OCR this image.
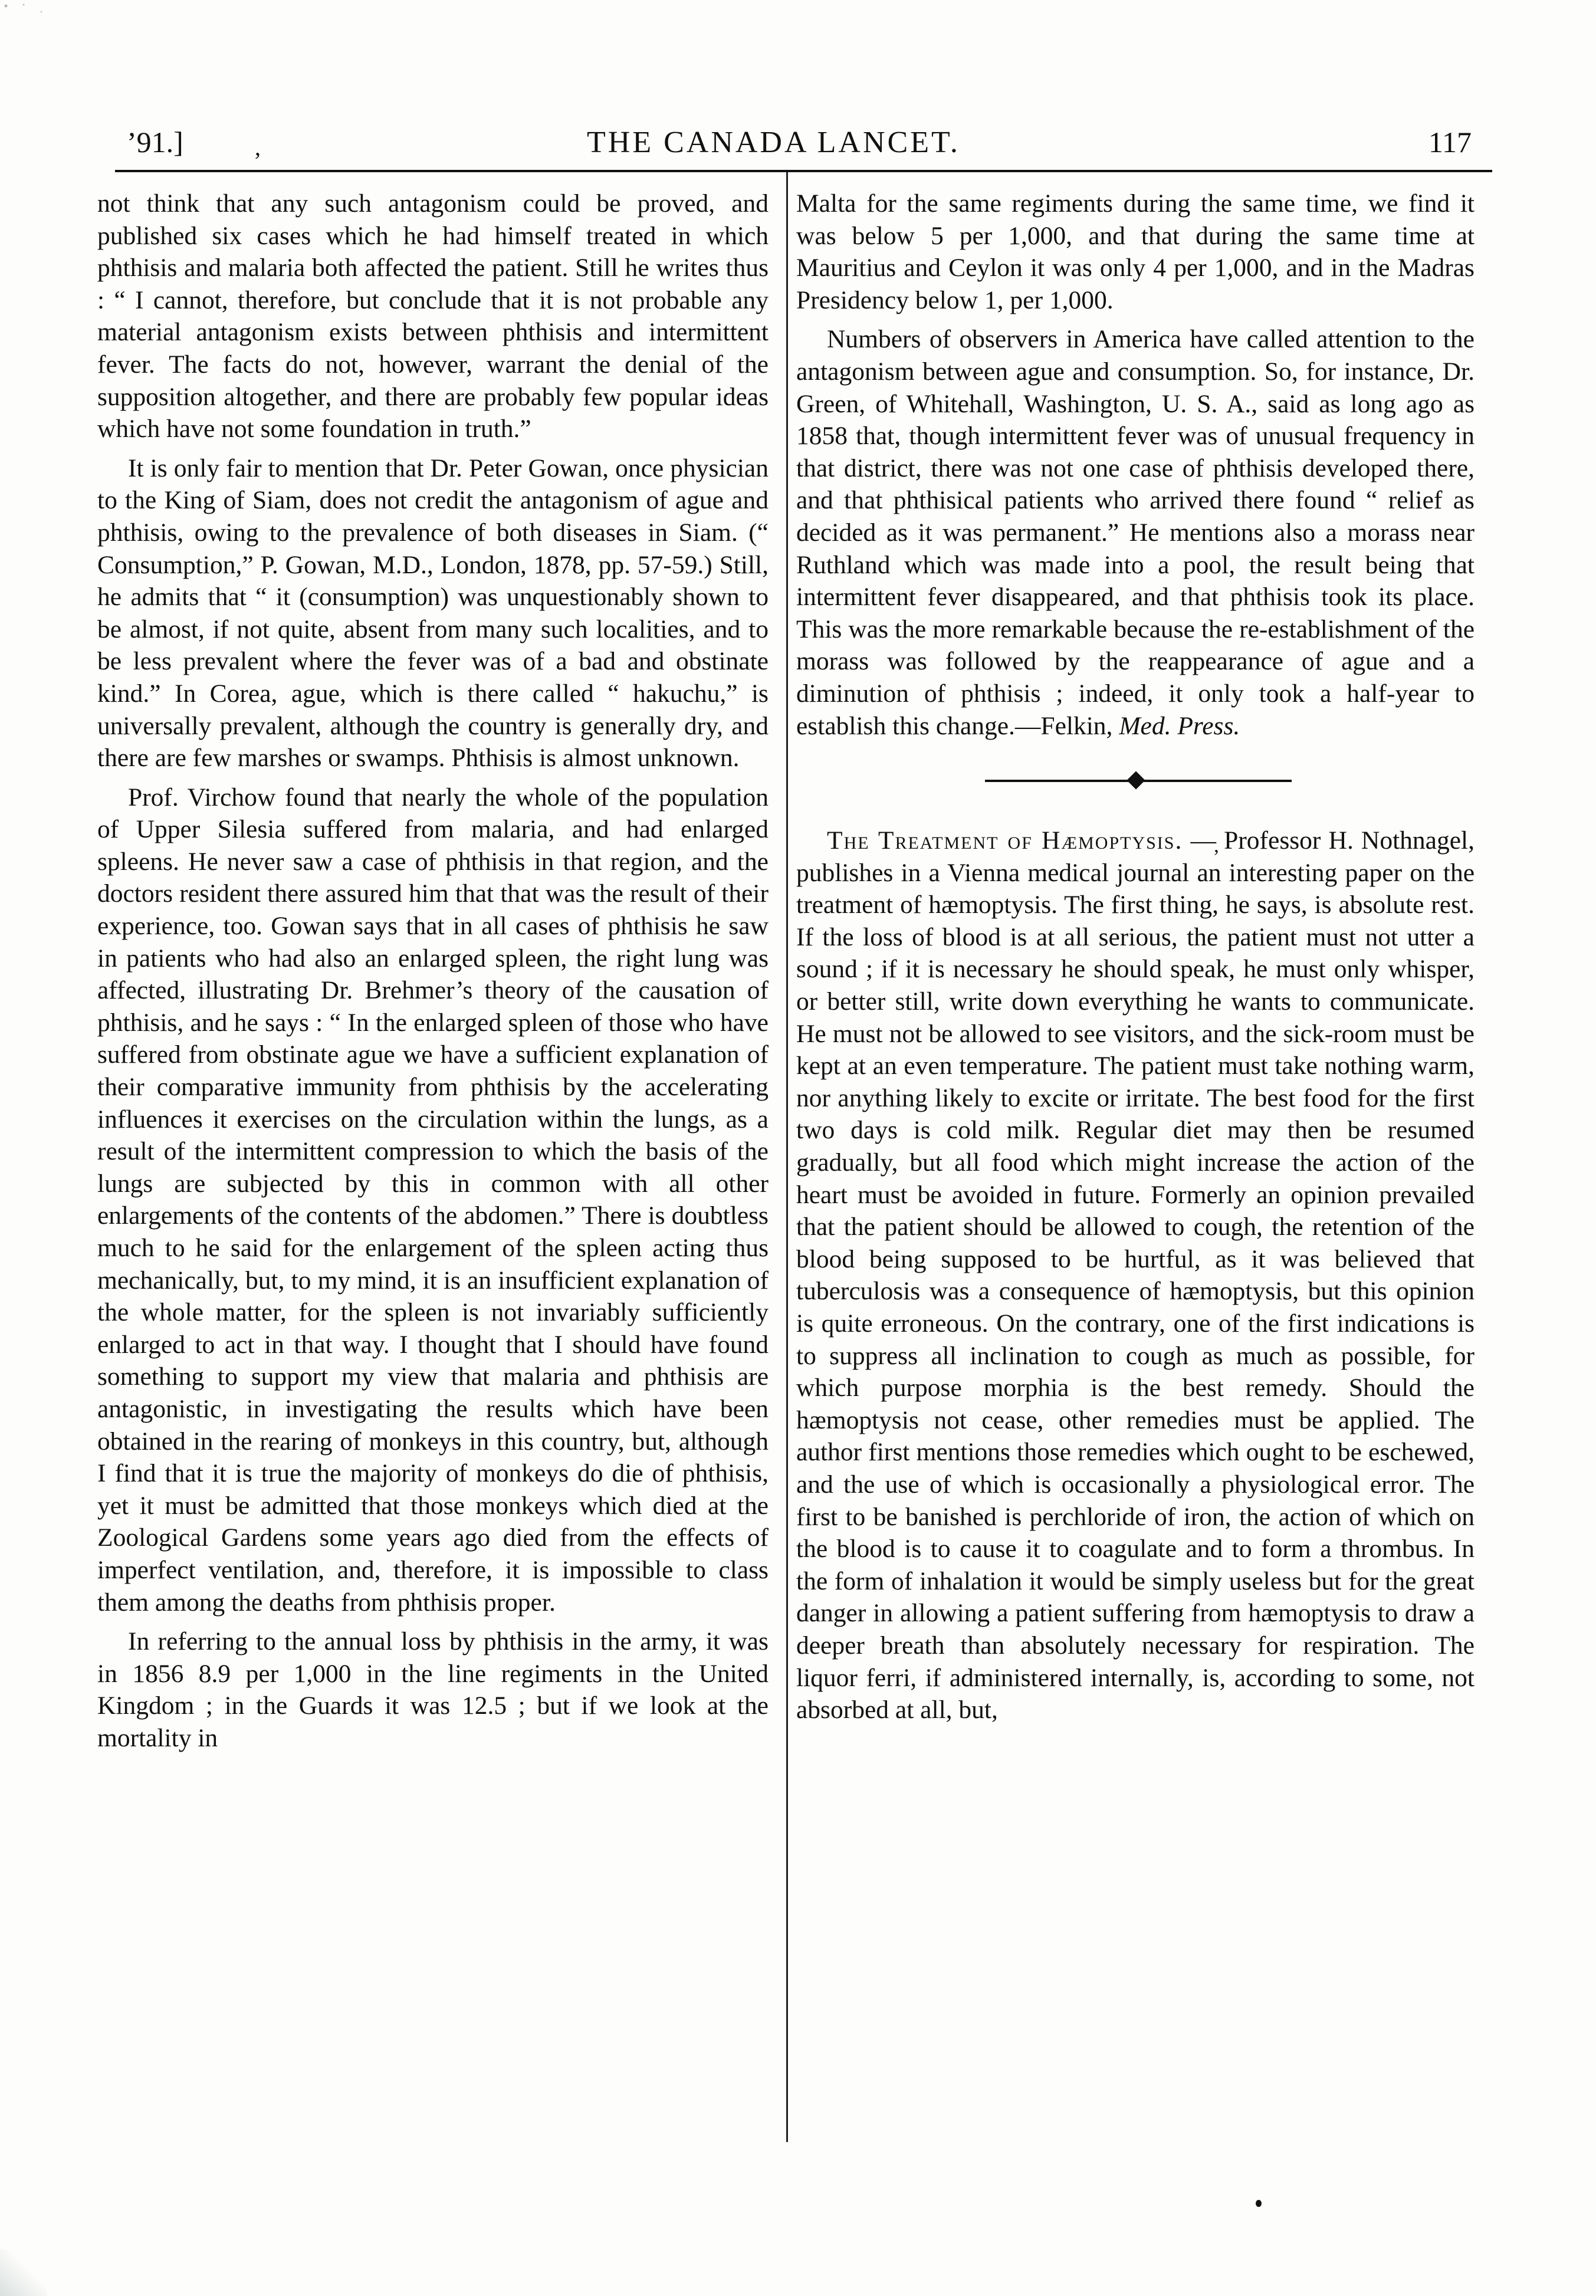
’91.]	‚	THE CANADA LANCET.	117

not think that any such antagonism could be proved, and published six cases which he had himself treated in which phthisis and malaria both affected the patient. Still he writes thus : “ I cannot, therefore, but conclude that it is not probable any material antagonism exists between phthisis and intermittent fever. The facts do not, however, warrant the denial of the supposition altogether, and there are probably few popular ideas which have not some foundation in truth.”

It is only fair to mention that Dr. Peter Gowan, once physician to the King of Siam, does not credit the antagonism of ague and phthisis, owing to the prevalence of both diseases in Siam. (“ Consumption,” P. Gowan, M.D., London, 1878, pp. 57-59.) Still, he admits that “ it (consumption) was unquestionably shown to be almost, if not quite, absent from many such localities, and to be less prevalent where the fever was of a bad and obstinate kind.” In Corea, ague, which is there called “ hakuchu,” is universally prevalent, although the country is generally dry, and there are few marshes or swamps. Phthisis is almost unknown.

Prof. Virchow found that nearly the whole of the population of Upper Silesia suffered from malaria, and had enlarged spleens. He never saw a case of phthisis in that region, and the doctors resident there assured him that that was the result of their experience, too. Gowan says that in all cases of phthisis he saw in patients who had also an enlarged spleen, the right lung was affected, illustrating Dr. Brehmer’s theory of the causation of phthisis, and he says : “ In the enlarged spleen of those who have suffered from obstinate ague we have a sufficient explanation of their comparative immunity from phthisis by the accelerating influences it exercises on the circulation within the lungs, as a result of the intermittent compression to which the basis of the lungs are subjected by this in common with all other enlargements of the contents of the abdomen.” There is doubtless much to he said for the enlargement of the spleen acting thus mechanically, but, to my mind, it is an insufficient explanation of the whole matter, for the spleen is not invariably sufficiently enlarged to act in that way. I thought that I should have found something to support my view that malaria and phthisis are antagonistic, in investigating the results which have been obtained in the rearing of monkeys in this country, but, although I find that it is true the majority of monkeys do die of phthisis, yet it must be admitted that those monkeys which died at the Zoological Gardens some years ago died from the effects of imperfect ventilation, and, therefore, it is impossible to class them among the deaths from phthisis proper.

In referring to the annual loss by phthisis in the army, it was in 1856 8.9 per 1,000 in the line regiments in the United Kingdom ; in the Guards it was 12.5 ; but if we look at the mortality in

Malta for the same regiments during the same time, we find it was below 5 per 1,000, and that during the same time at Mauritius and Ceylon it was only 4 per 1,000, and in the Madras Presidency below 1, per 1,000.

Numbers of observers in America have called attention to the antagonism between ague and consumption. So, for instance, Dr. Green, of Whitehall, Washington, U. S. A., said as long ago as 1858 that, though intermittent fever was of unusual frequency in that district, there was not one case of phthisis developed there, and that phthisical patients who arrived there found “ relief as decided as it was permanent.” He mentions also a morass near Ruthland which was made into a pool, the result being that intermittent fever disappeared, and that phthisis took its place. This was the more remarkable because the re-establishment of the morass was followed by the reappearance of ague and a diminution of phthisis ; indeed, it only took a half-year to establish this change.—Felkin, Med. Press.

The Treatment of Hæmoptysis. —̦ Professor H. Nothnagel, publishes in a Vienna medical journal an interesting paper on the treatment of hæmoptysis. The first thing, he says, is absolute rest. If the loss of blood is at all serious, the patient must not utter a sound ; if it is necessary he should speak, he must only whisper, or better still, write down everything he wants to communicate. He must not be allowed to see visitors, and the sick-room must be kept at an even temperature. The patient must take nothing warm, nor anything likely to excite or irritate. The best food for the first two days is cold milk. Regular diet may then be resumed gradually, but all food which might increase the action of the heart must be avoided in future. Formerly an opinion prevailed that the patient should be allowed to cough, the retention of the blood being supposed to be hurtful, as it was believed that tuberculosis was a consequence of hæmoptysis, but this opinion is quite erroneous. On the contrary, one of the first indications is to suppress all inclination to cough as much as possible, for which purpose morphia is the best remedy. Should the hæmoptysis not cease, other remedies must be applied. The author first mentions those remedies which ought to be eschewed, and the use of which is occasionally a physiological error. The first to be banished is perchloride of iron, the action of which on the blood is to cause it to coagulate and to form a thrombus. In the form of inhalation it would be simply useless but for the great danger in allowing a patient suffering from hæmoptysis to draw a deeper breath than absolutely necessary for respiration. The liquor ferri, if administered internally, is, according to some, not absorbed at all, but,
